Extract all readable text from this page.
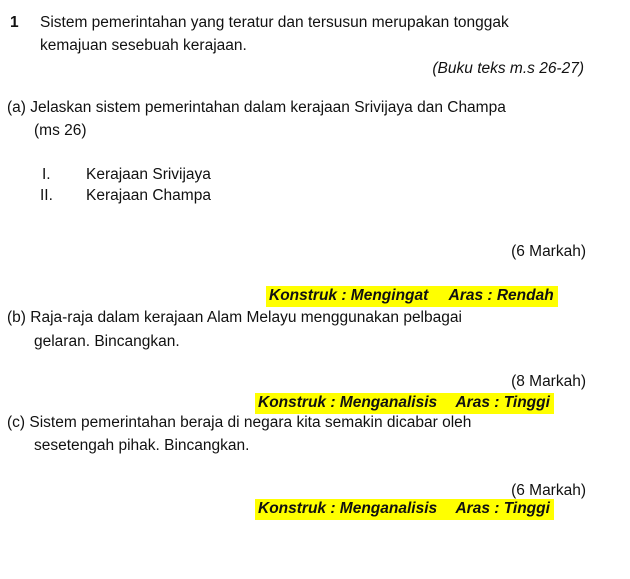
1 Sistem pemerintahan yang teratur dan tersusun merupakan tonggak
kemajuan sesebuah kerajaan.
(Buku teks m.s 26-27)
(a) Jelaskan sistem pemerintahan dalam kerajaan Srivijaya dan Champa
(ms 26)
I. Kerajaan Srivijaya
II. Kerajaan Champa
(6 Markah)
Konstruk : Mengingat Aras : Rendah
(b) Raja-raja dalam kerajaan Alam Melayu menggunakan pelbagai
gelaran. Bincangkan.
(8 Markah)
Konstruk : Menganalisis Aras : Tinggi
(c) Sistem pemerintahan beraja di negara kita semakin dicabar oleh
sesetengah pihak. Bincangkan.
(6 Markah)
Konstruk : Menganalisis Aras : Tinggi
